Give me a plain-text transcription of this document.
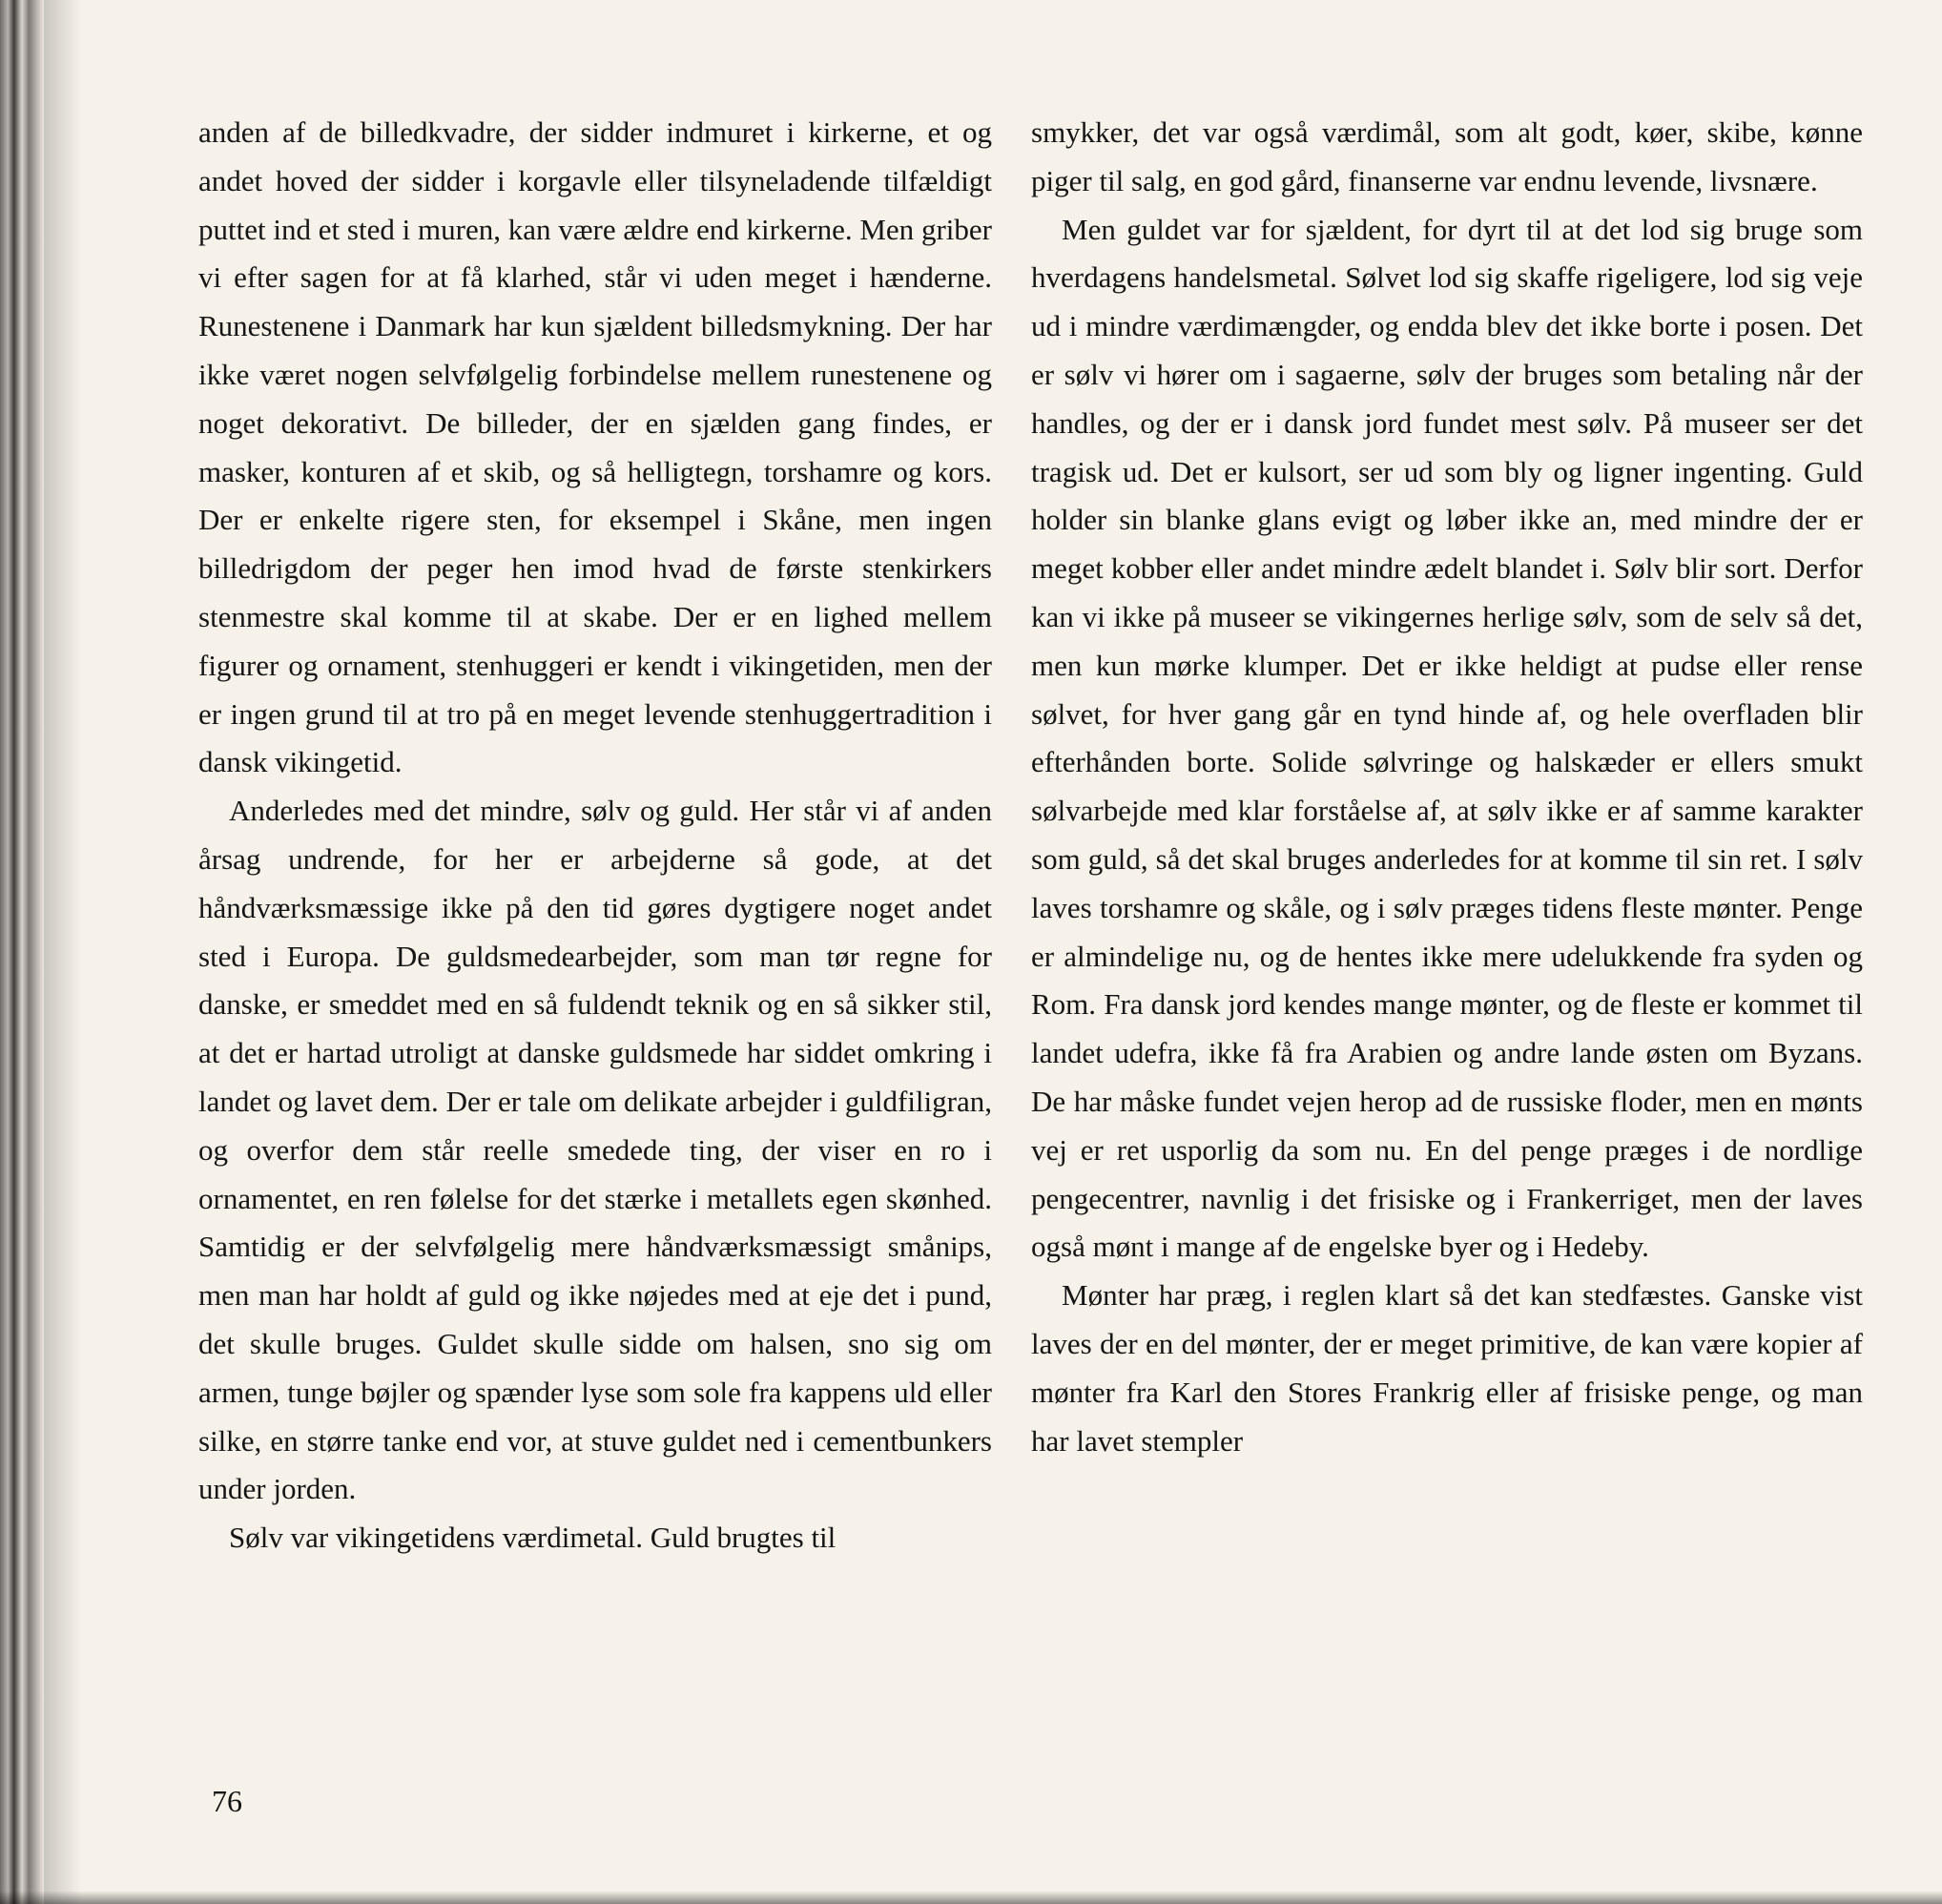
anden af de billedkvadre, der sidder indmuret i kirkerne, et og andet hoved der sidder i korgavle eller tilsyneladende tilfældigt puttet ind et sted i muren, kan være ældre end kirkerne. Men griber vi efter sagen for at få klarhed, står vi uden meget i hænderne. Runestenene i Danmark har kun sjældent billedsmykning. Der har ikke været nogen selvfølgelig forbindelse mellem runestenene og noget dekorativt. De billeder, der en sjælden gang findes, er masker, konturen af et skib, og så helligtegn, torshamre og kors. Der er enkelte rigere sten, for eksempel i Skåne, men ingen billedrigdom der peger hen imod hvad de første stenkirkers stenmestre skal komme til at skabe. Der er en lighed mellem figurer og ornament, stenhuggeri er kendt i vikingetiden, men der er ingen grund til at tro på en meget levende stenhuggertradition i dansk vikingetid.

Anderledes med det mindre, sølv og guld. Her står vi af anden årsag undrende, for her er arbejderne så gode, at det håndværksmæssige ikke på den tid gøres dygtigere noget andet sted i Europa. De guldsmedearbejder, som man tør regne for danske, er smeddet med en så fuldendt teknik og en så sikker stil, at det er hartad utroligt at danske guldsmede har siddet omkring i landet og lavet dem. Der er tale om delikate arbejder i guldfiligran, og overfor dem står reelle smedede ting, der viser en ro i ornamentet, en ren følelse for det stærke i metallets egen skønhed. Samtidig er der selvfølgelig mere håndværksmæssigt smånips, men man har holdt af guld og ikke nøjedes med at eje det i pund, det skulle bruges. Guldet skulle sidde om halsen, sno sig om armen, tunge bøjler og spænder lyse som sole fra kappens uld eller silke, en større tanke end vor, at stuve guldet ned i cementbunkers under jorden.

Sølv var vikingetidens værdimetal. Guld brugtes til

smykker, det var også værdimål, som alt godt, køer, skibe, kønne piger til salg, en god gård, finanserne var endnu levende, livsnære.

Men guldet var for sjældent, for dyrt til at det lod sig bruge som hverdagens handelsmetal. Sølvet lod sig skaffe rigeligere, lod sig veje ud i mindre værdimængder, og endda blev det ikke borte i posen. Det er sølv vi hører om i sagaerne, sølv der bruges som betaling når der handles, og der er i dansk jord fundet mest sølv. På museer ser det tragisk ud. Det er kulsort, ser ud som bly og ligner ingenting. Guld holder sin blanke glans evigt og løber ikke an, med mindre der er meget kobber eller andet mindre ædelt blandet i. Sølv blir sort. Derfor kan vi ikke på museer se vikingernes herlige sølv, som de selv så det, men kun mørke klumper. Det er ikke heldigt at pudse eller rense sølvet, for hver gang går en tynd hinde af, og hele overfladen blir efterhånden borte. Solide sølvringe og halskæder er ellers smukt sølvarbejde med klar forståelse af, at sølv ikke er af samme karakter som guld, så det skal bruges anderledes for at komme til sin ret. I sølv laves torshamre og skåle, og i sølv præges tidens fleste mønter. Penge er almindelige nu, og de hentes ikke mere udelukkende fra syden og Rom. Fra dansk jord kendes mange mønter, og de fleste er kommet til landet udefra, ikke få fra Arabien og andre lande østen om Byzans. De har måske fundet vejen herop ad de russiske floder, men en mønts vej er ret usporlig da som nu. En del penge præges i de nordlige pengecentrer, navnlig i det frisiske og i Frankerriget, men der laves også mønt i mange af de engelske byer og i Hedeby.

Mønter har præg, i reglen klart så det kan stedfæstes. Ganske vist laves der en del mønter, der er meget primitive, de kan være kopier af mønter fra Karl den Stores Frankrig eller af frisiske penge, og man har lavet stempler

76
